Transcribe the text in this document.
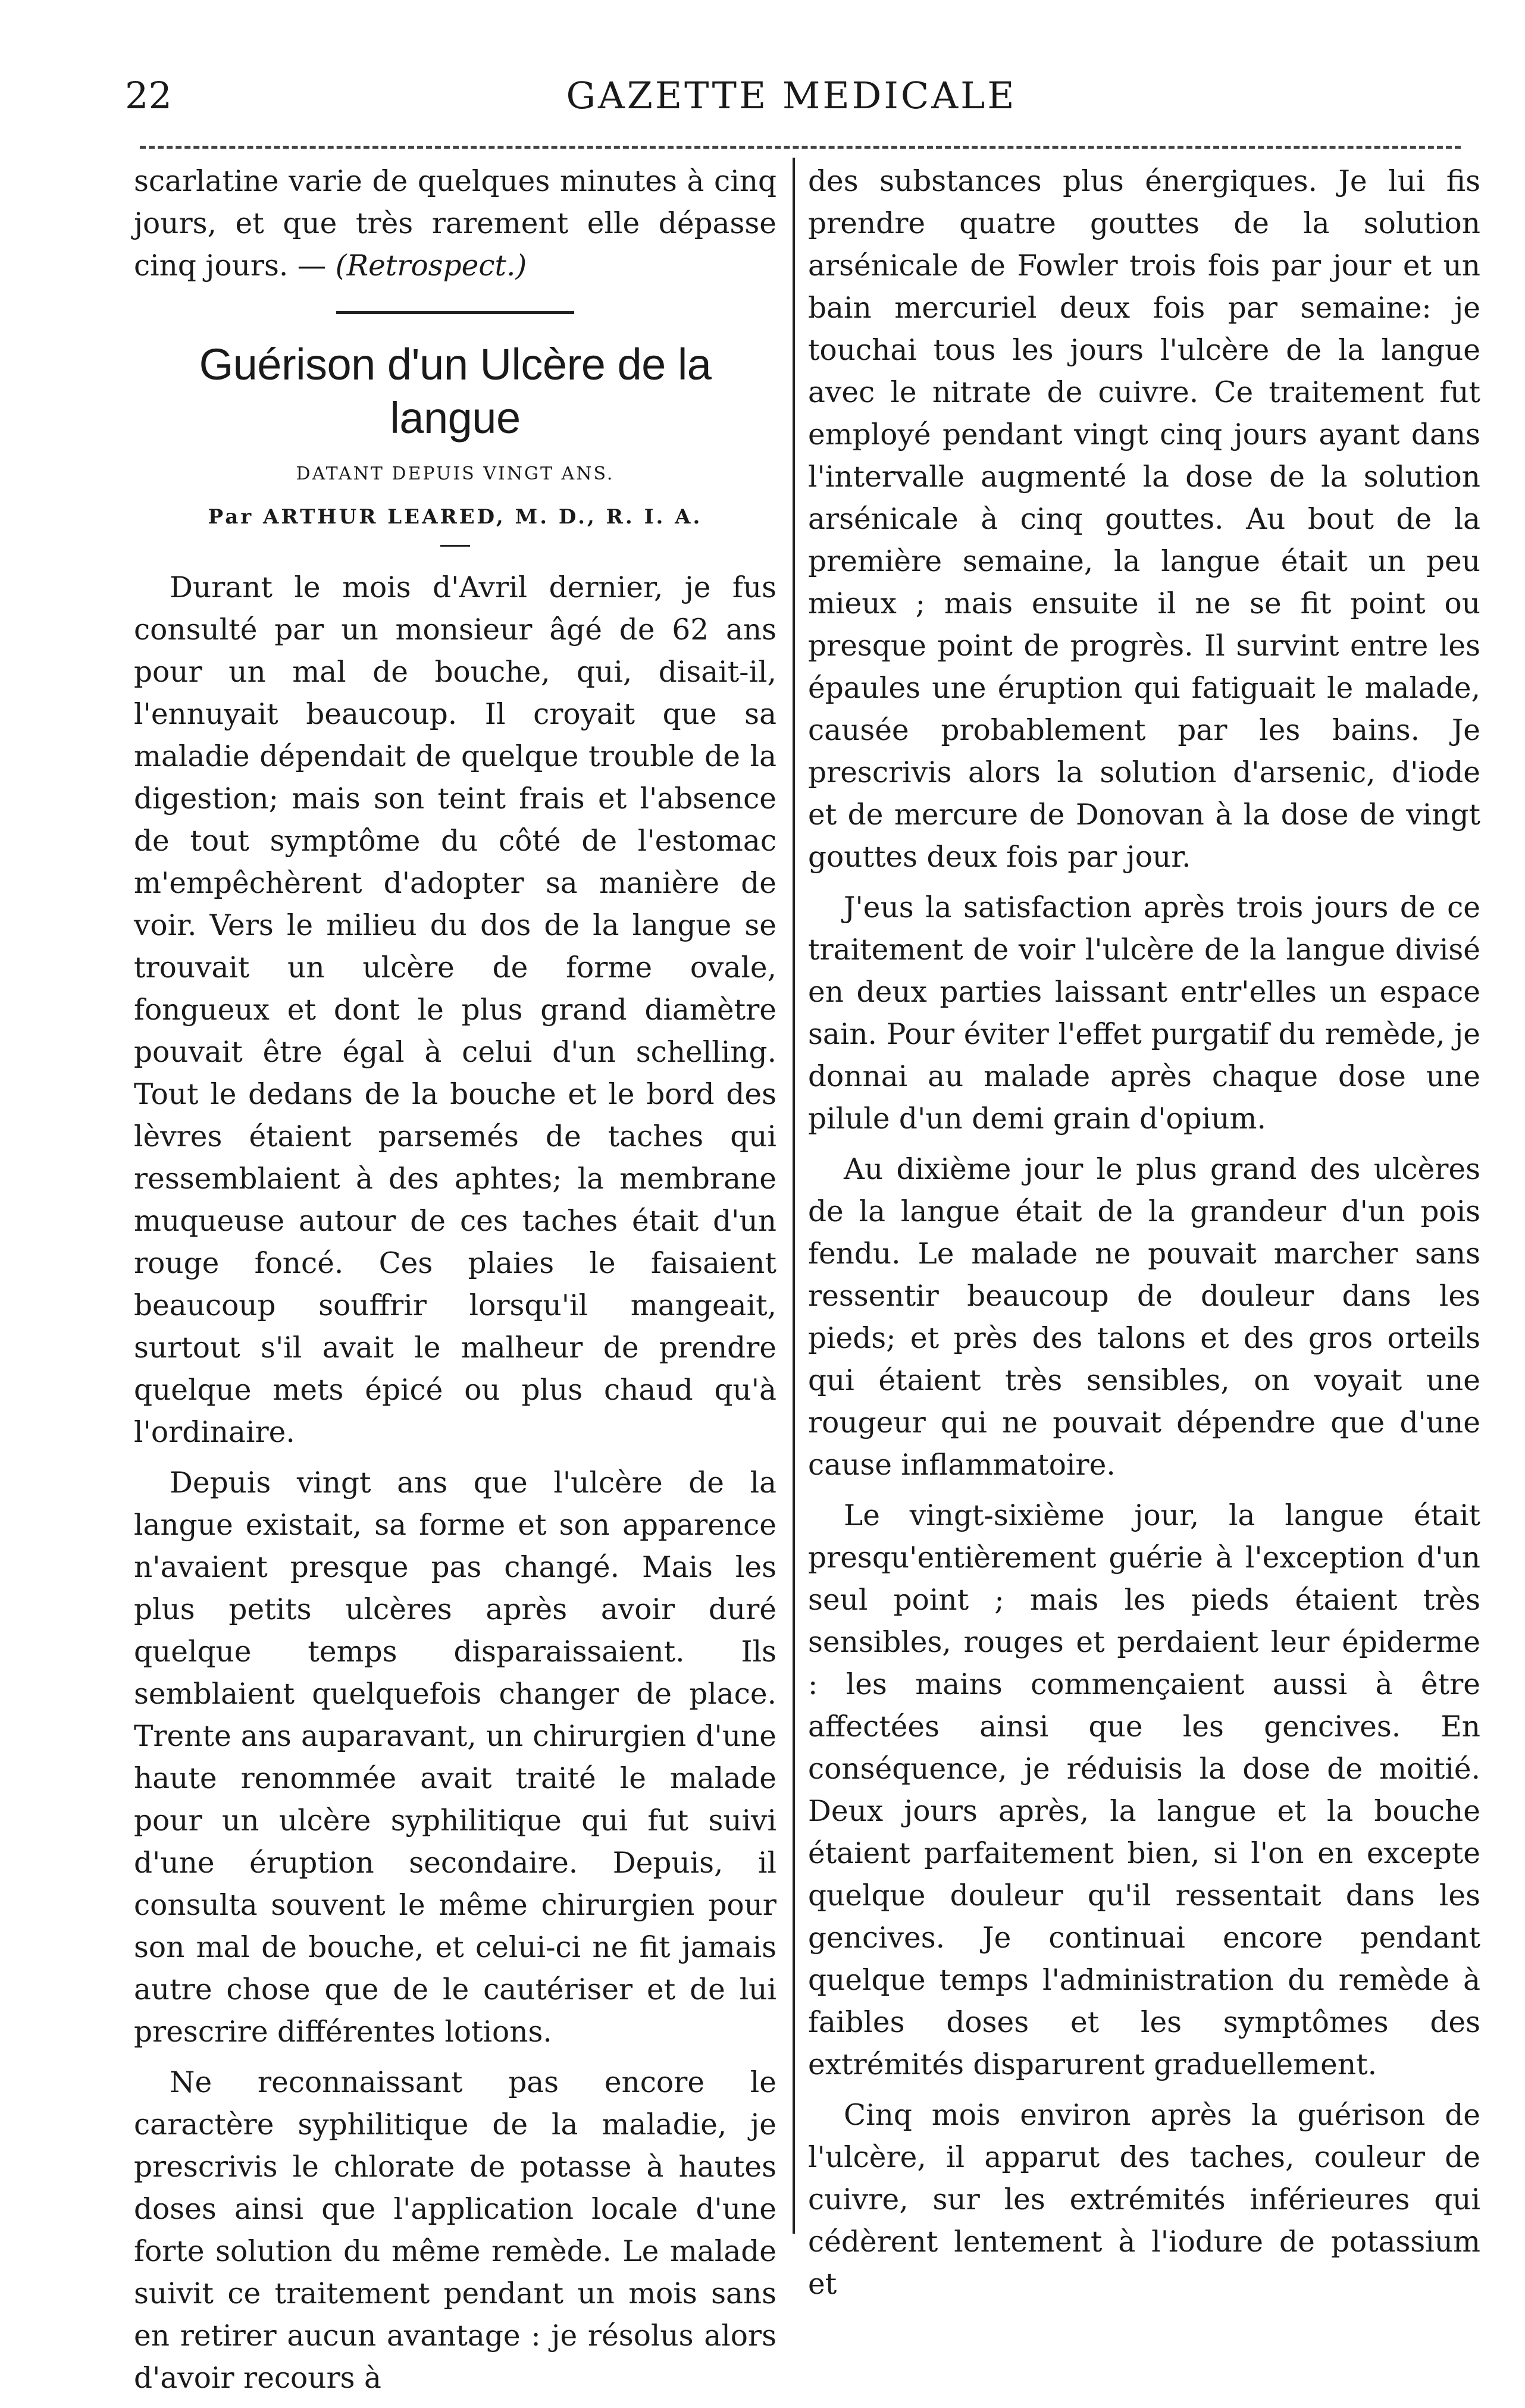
22	GAZETTE MEDICALE

scarlatine varie de quelques minutes à cinq jours, et que très rarement elle dépasse cinq jours. — (Retrospect.)

Guérison d'un Ulcère de la langue
DATANT DEPUIS VINGT ANS.
Par ARTHUR LEARED, M. D., R. I. A.

Durant le mois d'Avril dernier, je fus consulté par un monsieur âgé de 62 ans pour un mal de bouche, qui, disait-il, l'ennuyait beaucoup. Il croyait que sa maladie dépendait de quelque trouble de la digestion; mais son teint frais et l'absence de tout symptôme du côté de l'estomac m'empêchèrent d'adopter sa manière de voir. Vers le milieu du dos de la langue se trouvait un ulcère de forme ovale, fongueux et dont le plus grand diamètre pouvait être égal à celui d'un schelling. Tout le dedans de la bouche et le bord des lèvres étaient parsemés de taches qui ressemblaient à des aphtes; la membrane muqueuse autour de ces taches était d'un rouge foncé. Ces plaies le faisaient beaucoup souffrir lorsqu'il mangeait, surtout s'il avait le malheur de prendre quelque mets épicé ou plus chaud qu'à l'ordinaire.

Depuis vingt ans que l'ulcère de la langue existait, sa forme et son apparence n'avaient presque pas changé. Mais les plus petits ulcères après avoir duré quelque temps disparaissaient. Ils semblaient quelquefois changer de place. Trente ans auparavant, un chirurgien d'une haute renommée avait traité le malade pour un ulcère syphilitique qui fut suivi d'une éruption secondaire. Depuis, il consulta souvent le même chirurgien pour son mal de bouche, et celui-ci ne fit jamais autre chose que de le cautériser et de lui prescrire différentes lotions.

Ne reconnaissant pas encore le caractère syphilitique de la maladie, je prescrivis le chlorate de potasse à hautes doses ainsi que l'application locale d'une forte solution du même remède. Le malade suivit ce traitement pendant un mois sans en retirer aucun avantage : je résolus alors d'avoir recours à

des substances plus énergiques. Je lui fis prendre quatre gouttes de la solution arsénicale de Fowler trois fois par jour et un bain mercuriel deux fois par semaine: je touchai tous les jours l'ulcère de la langue avec le nitrate de cuivre. Ce traitement fut employé pendant vingt cinq jours ayant dans l'intervalle augmenté la dose de la solution arsénicale à cinq gouttes. Au bout de la première semaine, la langue était un peu mieux ; mais ensuite il ne se fit point ou presque point de progrès. Il survint entre les épaules une éruption qui fatiguait le malade, causée probablement par les bains. Je prescrivis alors la solution d'arsenic, d'iode et de mercure de Donovan à la dose de vingt gouttes deux fois par jour.

J'eus la satisfaction après trois jours de ce traitement de voir l'ulcère de la langue divisé en deux parties laissant entr'elles un espace sain. Pour éviter l'effet purgatif du remède, je donnai au malade après chaque dose une pilule d'un demi grain d'opium.

Au dixième jour le plus grand des ulcères de la langue était de la grandeur d'un pois fendu. Le malade ne pouvait marcher sans ressentir beaucoup de douleur dans les pieds; et près des talons et des gros orteils qui étaient très sensibles, on voyait une rougeur qui ne pouvait dépendre que d'une cause inflammatoire.

Le vingt-sixième jour, la langue était presqu'entièrement guérie à l'exception d'un seul point ; mais les pieds étaient très sensibles, rouges et perdaient leur épiderme : les mains commençaient aussi à être affectées ainsi que les gencives. En conséquence, je réduisis la dose de moitié. Deux jours après, la langue et la bouche étaient parfaitement bien, si l'on en excepte quelque douleur qu'il ressentait dans les gencives. Je continuai encore pendant quelque temps l'administration du remède à faibles doses et les symptômes des extrémités disparurent graduellement.

Cinq mois environ après la guérison de l'ulcère, il apparut des taches, couleur de cuivre, sur les extrémités inférieures qui cédèrent lentement à l'iodure de potassium et
